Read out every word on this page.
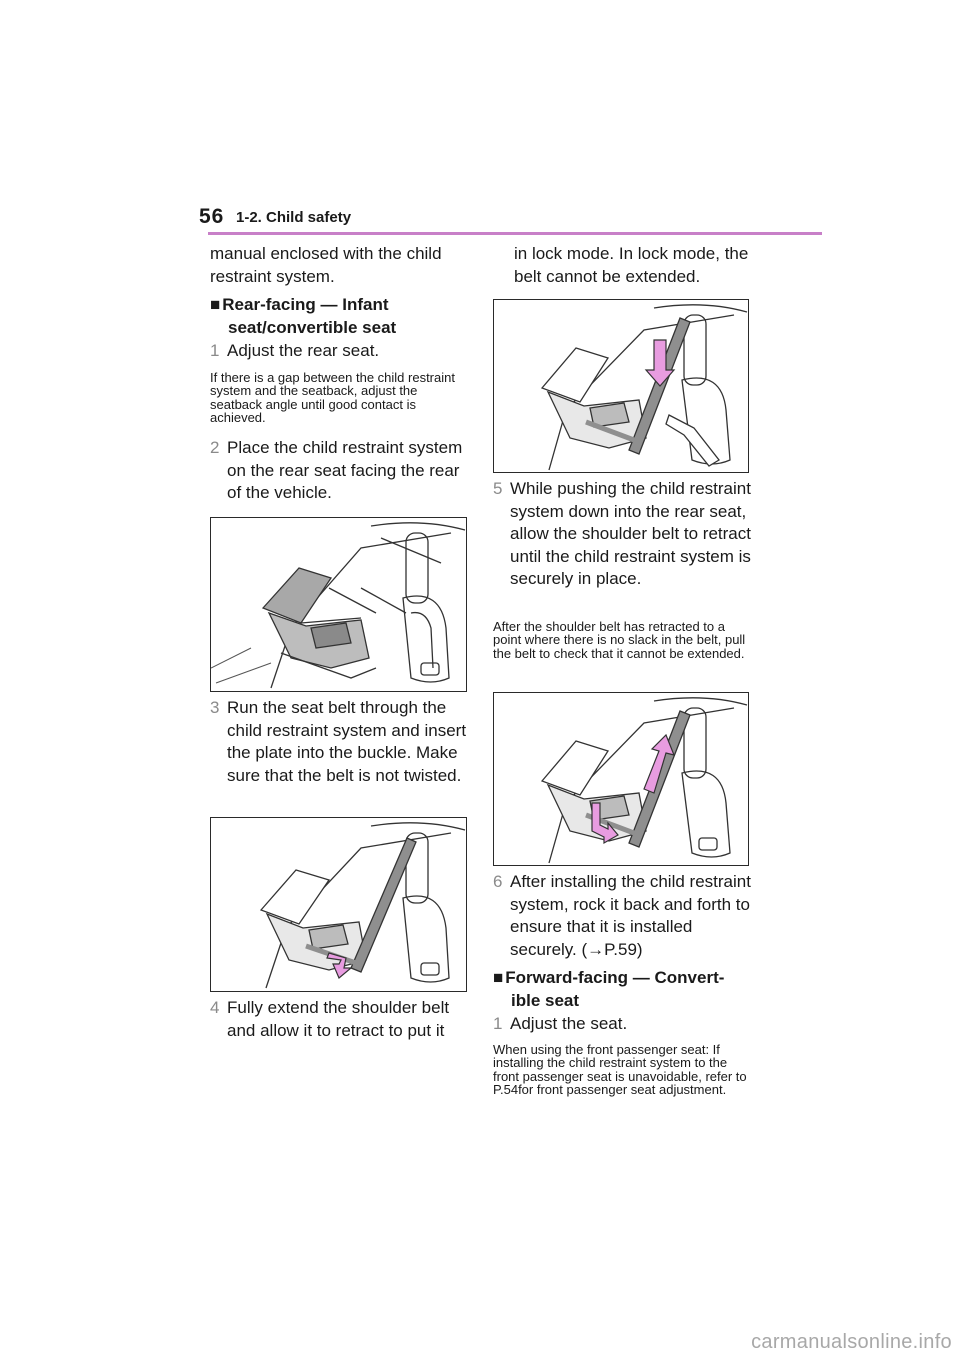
56 1-2. Child safety
manual enclosed with the child restraint system.
■ Rear-facing — Infant
seat/convertible seat
1 Adjust the rear seat.
If there is a gap between the child restraint system and the seatback, adjust the seatback angle until good contact is achieved.
2 Place the child restraint system on the rear seat facing the rear of the vehicle.
3 Run the seat belt through the child restraint system and insert the plate into the buckle. Make sure that the belt is not twisted.
4 Fully extend the shoulder belt and allow it to retract to put it
in lock mode. In lock mode, the belt cannot be extended.
5 While pushing the child restraint system down into the rear seat, allow the shoulder belt to retract until the child restraint system is securely in place.
After the shoulder belt has retracted to a point where there is no slack in the belt, pull the belt to check that it cannot be extended.
6 After installing the child restraint system, rock it back and forth to ensure that it is installed securely. (→P.59)
■ Forward-facing — Convert-
ible seat
1 Adjust the seat.
When using the front passenger seat: If installing the child restraint system to the front passenger seat is unavoidable, refer to P.54for front passenger seat adjustment.
carmanualsonline.info
